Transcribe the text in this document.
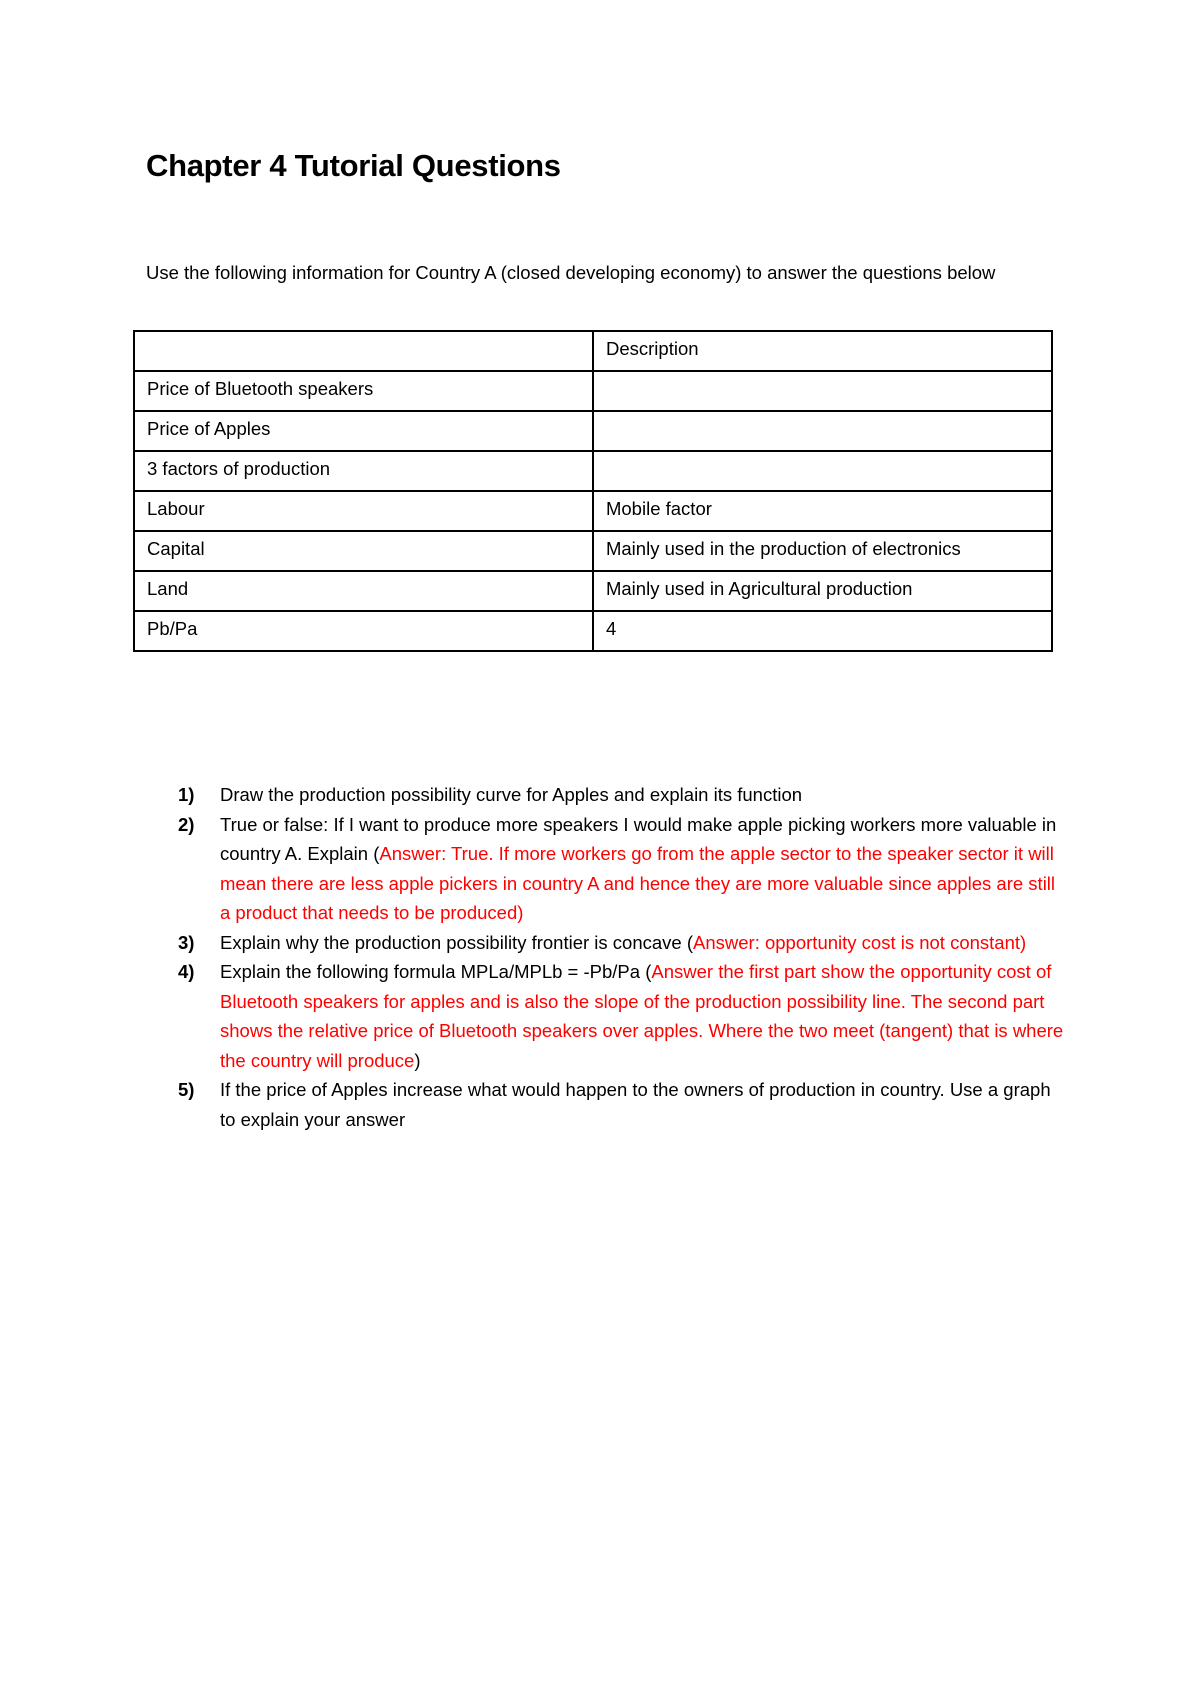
Chapter 4 Tutorial Questions

Use the following information for Country A (closed developing economy) to answer the questions below

	Description
Price of Bluetooth speakers	
Price of Apples	
3 factors of production	
Labour	Mobile factor
Capital	Mainly used in the production of electronics
Land	Mainly used in Agricultural production
Pb/Pa	4
1) Draw the production possibility curve for Apples and explain its function
2) True or false: If I want to produce more speakers I would make apple picking workers more valuable in country A. Explain (Answer: True. If more workers go from the apple sector to the speaker sector it will mean there are less apple pickers in country A and hence they are more valuable since apples are still a product that needs to be produced)
3) Explain why the production possibility frontier is concave (Answer: opportunity cost is not constant)
4) Explain the following formula MPLa/MPLb = -Pb/Pa (Answer the first part show the opportunity cost of Bluetooth speakers for apples and is also the slope of the production possibility line. The second part shows the relative price of Bluetooth speakers over apples. Where the two meet (tangent) that is where the country will produce)
5) If the price of Apples increase what would happen to the owners of production in country. Use a graph to explain your answer
